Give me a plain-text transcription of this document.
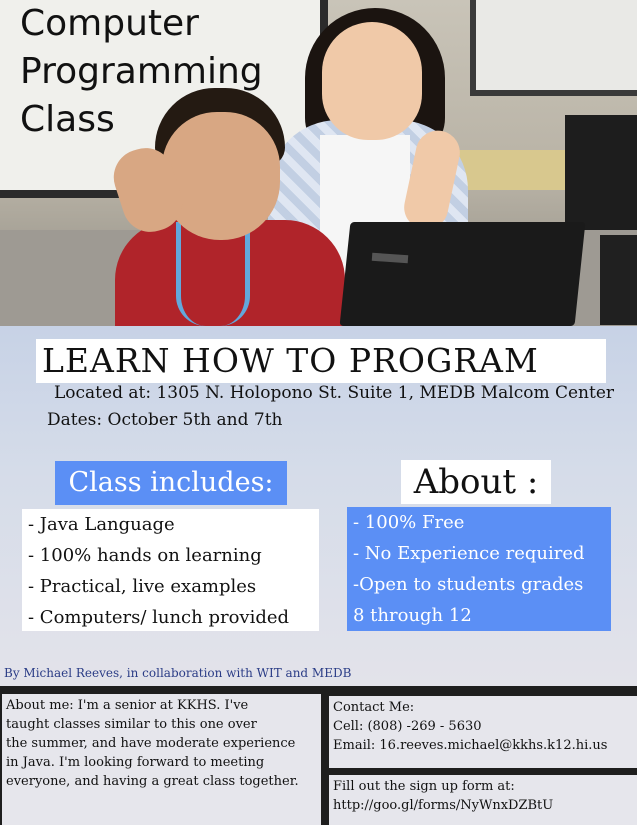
Computer
Programming
Class
LEARN HOW TO PROGRAM
Located at: 1305 N. Holopono St. Suite 1, MEDB Malcom Center
Dates: October 5th and 7th
Class includes:
- Java Language
- 100% hands on learning
- Practical, live examples
- Computers/ lunch provided
About :
- 100% Free
- No Experience required
-Open to students grades
8 through 12
By Michael Reeves, in collaboration with WIT and MEDB
About me: I'm a senior at KKHS. I've
taught classes similar to this one over
the summer, and have moderate experience
in Java. I'm looking forward to meeting
everyone, and having a great class together.
Contact Me:
Cell: (808) -269 - 5630
Email: 16.reeves.michael@kkhs.k12.hi.us
Fill out the sign up form at:
http://goo.gl/forms/NyWnxDZBtU
